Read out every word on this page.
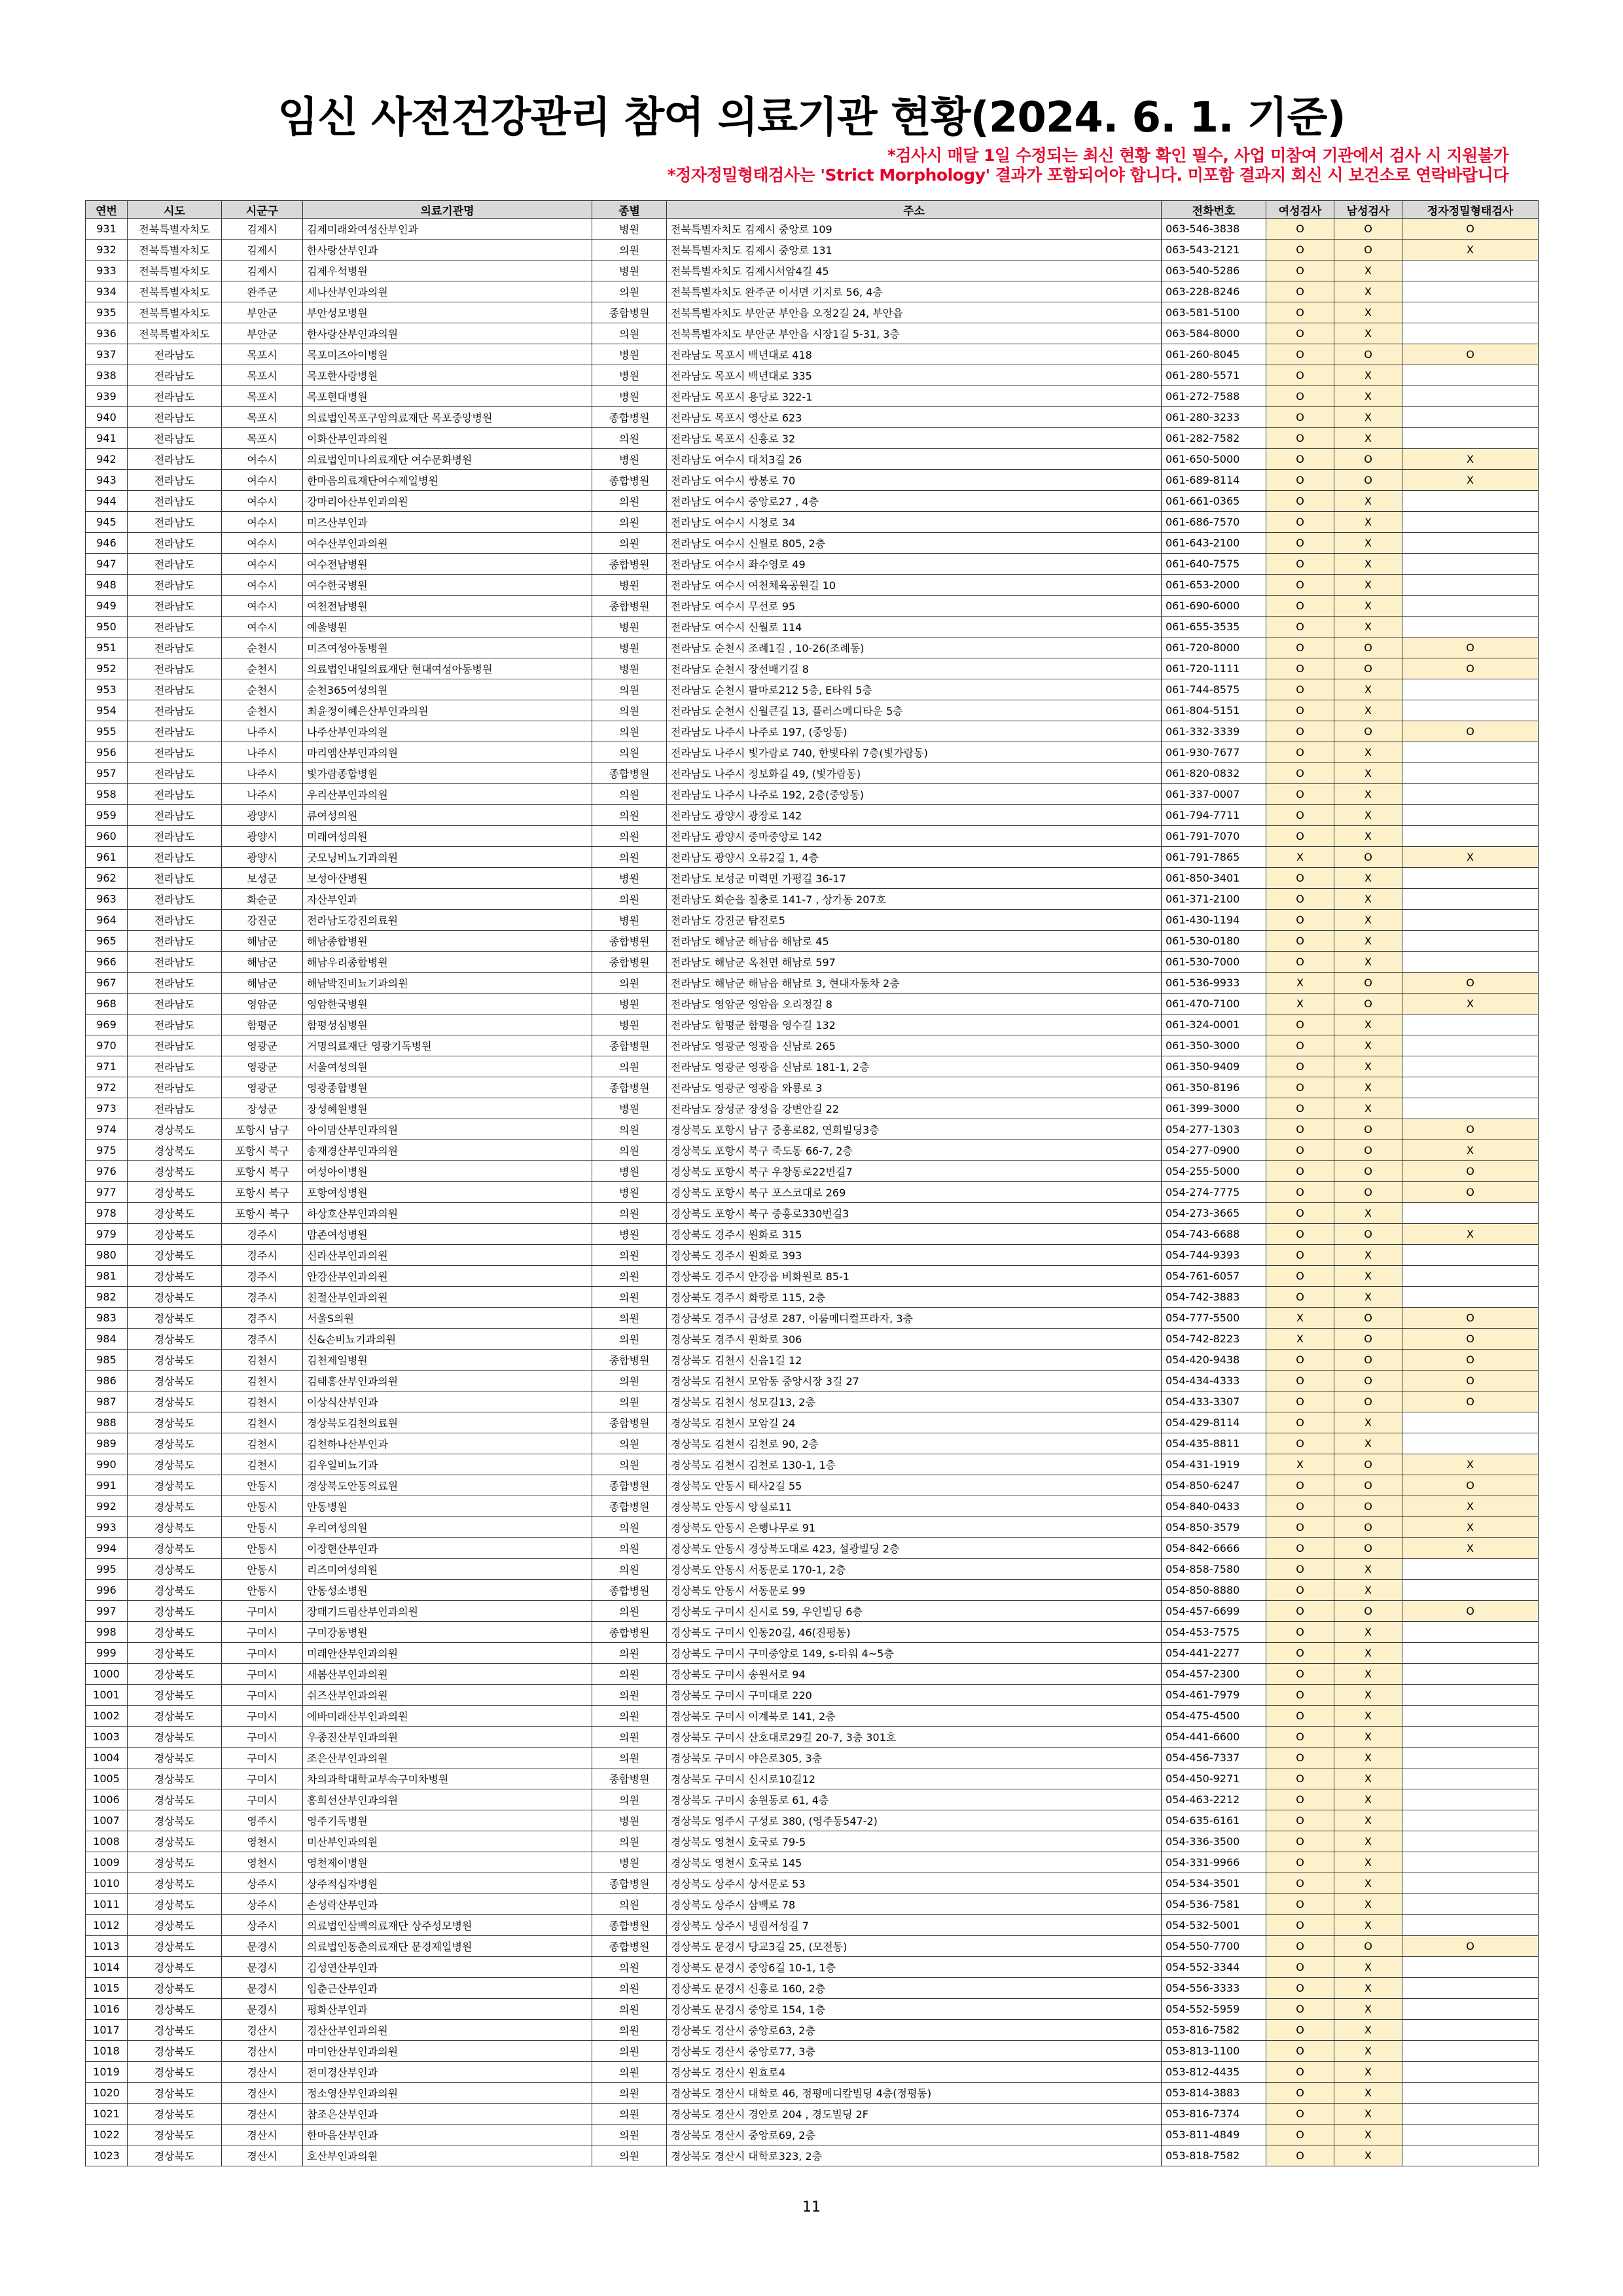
임신 사전건강관리 참여 의료기관 현황(2024. 6. 1. 기준)
*검사시 매달 1일 수정되는 최신 현황 확인 필수, 사업 미참여 기관에서 검사 시 지원불가
*정자정밀형태검사는 'Strict Morphology' 결과가 포함되어야 합니다. 미포함 결과지 회신 시 보건소로 연락바랍니다
연번	시도	시군구	의료기관명	종별	주소	전화번호	여성검사	남성검사	정자정밀형태검사
931	전북특별자치도	김제시	김제미래와여성산부인과	병원	전북특별자치도 김제시 중앙로 109	063-546-3838	O	O	O
932	전북특별자치도	김제시	한사랑산부인과	의원	전북특별자치도 김제시 중앙로 131	063-543-2121	O	O	X
933	전북특별자치도	김제시	김제우석병원	병원	전북특별자치도 김제시서암4길 45	063-540-5286	O	X	
934	전북특별자치도	완주군	세나산부인과의원	의원	전북특별자치도 완주군 이서면 기지로 56, 4층	063-228-8246	O	X	
935	전북특별자치도	부안군	부안성모병원	종합병원	전북특별자치도 부안군 부안읍 오정2길 24, 부안읍	063-581-5100	O	X	
936	전북특별자치도	부안군	한사랑산부인과의원	의원	전북특별자치도 부안군 부안읍 시장1길 5-31, 3층	063-584-8000	O	X	
937	전라남도	목포시	목포미즈아이병원	병원	전라남도 목포시 백년대로 418	061-260-8045	O	O	O
938	전라남도	목포시	목포한사랑병원	병원	전라남도 목포시 백년대로 335	061-280-5571	O	X	
939	전라남도	목포시	목포현대병원	병원	전라남도 목포시 용당로 322-1	061-272-7588	O	X	
940	전라남도	목포시	의료법인목포구암의료재단 목포중앙병원	종합병원	전라남도 목포시 영산로 623	061-280-3233	O	X	
941	전라남도	목포시	이화산부인과의원	의원	전라남도 목포시 신흥로 32	061-282-7582	O	X	
942	전라남도	여수시	의료법인미나의료재단 여수문화병원	병원	전라남도 여수시 대치3길 26	061-650-5000	O	O	X
943	전라남도	여수시	한마음의료재단여수제일병원	종합병원	전라남도 여수시 쌍봉로 70	061-689-8114	O	O	X
944	전라남도	여수시	강마리아산부인과의원	의원	전라남도 여수시 중앙로27 , 4층	061-661-0365	O	X	
945	전라남도	여수시	미즈산부인과	의원	전라남도 여수시 시청로 34	061-686-7570	O	X	
946	전라남도	여수시	여수산부인과의원	의원	전라남도 여수시 신월로 805, 2층	061-643-2100	O	X	
947	전라남도	여수시	여수전남병원	종합병원	전라남도 여수시 좌수영로 49	061-640-7575	O	X	
948	전라남도	여수시	여수한국병원	병원	전라남도 여수시 여천체육공원길 10	061-653-2000	O	X	
949	전라남도	여수시	여천전남병원	종합병원	전라남도 여수시 무선로 95	061-690-6000	O	X	
950	전라남도	여수시	예울병원	병원	전라남도 여수시 신월로 114	061-655-3535	O	X	
951	전라남도	순천시	미즈여성아동병원	병원	전라남도 순천시 조례1길 , 10-26(조례동)	061-720-8000	O	O	O
952	전라남도	순천시	의료법인내일의료재단 현대여성아동병원	병원	전라남도 순천시 장선배기길 8	061-720-1111	O	O	O
953	전라남도	순천시	순천365여성의원	의원	전라남도 순천시 팔마로212 5층, E타워 5층	061-744-8575	O	X	
954	전라남도	순천시	최윤정이혜은산부인과의원	의원	전라남도 순천시 신월큰길 13, 플러스메디타운 5층	061-804-5151	O	X	
955	전라남도	나주시	나주산부인과의원	의원	전라남도 나주시 나주로 197, (중앙동)	061-332-3339	O	O	O
956	전라남도	나주시	마리엠산부인과의원	의원	전라남도 나주시 빛가람로 740, 한빛타워 7층(빛가람동)	061-930-7677	O	X	
957	전라남도	나주시	빛가람종합병원	종합병원	전라남도 나주시 정보화길 49, (빛가람동)	061-820-0832	O	X	
958	전라남도	나주시	우리산부인과의원	의원	전라남도 나주시 나주로 192, 2층(중앙동)	061-337-0007	O	X	
959	전라남도	광양시	류여성의원	의원	전라남도 광양시 광장로 142	061-794-7711	O	X	
960	전라남도	광양시	미래여성의원	의원	전라남도 광양시 중마중앙로 142	061-791-7070	O	X	
961	전라남도	광양시	굿모닝비뇨기과의원	의원	전라남도 광양시 오류2길 1, 4층	061-791-7865	X	O	X
962	전라남도	보성군	보성아산병원	병원	전라남도 보성군 미력면 가평길 36-17	061-850-3401	O	X	
963	전라남도	화순군	자산부인과	의원	전라남도 화순읍 칠충로 141-7 , 상가동 207호	061-371-2100	O	X	
964	전라남도	강진군	전라남도강진의료원	병원	전라남도 강진군 탐진로5	061-430-1194	O	X	
965	전라남도	해남군	해남종합병원	종합병원	전라남도 해남군 해남읍 해남로 45	061-530-0180	O	X	
966	전라남도	해남군	해남우리종합병원	종합병원	전라남도 해남군 옥천면 해남로 597	061-530-7000	O	X	
967	전라남도	해남군	해남박진비뇨기과의원	의원	전라남도 해남군 해남읍 해남로 3, 현대자동차 2층	061-536-9933	X	O	O
968	전라남도	영암군	영암한국병원	병원	전라남도 영암군 영암읍 오리정길 8	061-470-7100	X	O	X
969	전라남도	함평군	함평성심병원	병원	전라남도 함평군 함평읍 영수길 132	061-324-0001	O	X	
970	전라남도	영광군	거명의료재단 영광기독병원	종합병원	전라남도 영광군 영광읍 신남로 265	061-350-3000	O	X	
971	전라남도	영광군	서울여성의원	의원	전라남도 영광군 영광읍 신남로 181-1, 2층	061-350-9409	O	X	
972	전라남도	영광군	영광종합병원	종합병원	전라남도 영광군 영광읍 와룡로 3	061-350-8196	O	X	
973	전라남도	장성군	장성혜원병원	병원	전라남도 장성군 장성읍 강변안길 22	061-399-3000	O	X	
974	경상북도	포항시 남구	아이맘산부인과의원	의원	경상북도 포항시 남구 중흥로82, 연희빌딩3층	054-277-1303	O	O	O
975	경상북도	포항시 북구	송재경산부인과의원	의원	경상북도 포항시 북구 죽도동 66-7, 2층	054-277-0900	O	O	X
976	경상북도	포항시 북구	여성아이병원	병원	경상북도 포항시 북구 우창동로22번길7	054-255-5000	O	O	O
977	경상북도	포항시 북구	포항여성병원	병원	경상북도 포항시 북구 포스코대로 269	054-274-7775	O	O	O
978	경상북도	포항시 북구	하상호산부인과의원	의원	경상북도 포항시 북구 중흥로330번길3	054-273-3665	O	X	
979	경상북도	경주시	맘존여성병원	병원	경상북도 경주시 원화로 315	054-743-6688	O	O	X
980	경상북도	경주시	신라산부인과의원	의원	경상북도 경주시 원화로 393	054-744-9393	O	X	
981	경상북도	경주시	안강산부인과의원	의원	경상북도 경주시 안강읍 비화원로 85-1	054-761-6057	O	X	
982	경상북도	경주시	친절산부인과의원	의원	경상북도 경주시 화랑로 115, 2층	054-742-3883	O	X	
983	경상북도	경주시	서울S의원	의원	경상북도 경주시 금성로 287, 이룸메디컬프라자, 3층	054-777-5500	X	O	O
984	경상북도	경주시	신&손비뇨기과의원	의원	경상북도 경주시 원화로 306	054-742-8223	X	O	O
985	경상북도	김천시	김천제일병원	종합병원	경상북도 김천시 신음1길 12	054-420-9438	O	O	O
986	경상북도	김천시	김태홍산부인과의원	의원	경상북도 김천시 모암동 중앙시장 3길 27	054-434-4333	O	O	O
987	경상북도	김천시	이상식산부인과	의원	경상북도 김천시 성모길13, 2층	054-433-3307	O	O	O
988	경상북도	김천시	경상북도김천의료원	종합병원	경상북도 김천시 모암길 24	054-429-8114	O	X	
989	경상북도	김천시	김천하나산부인과	의원	경상북도 김천시 김천로 90, 2층	054-435-8811	O	X	
990	경상북도	김천시	김우일비뇨기과	의원	경상북도 김천시 김천로 130-1, 1층	054-431-1919	X	O	X
991	경상북도	안동시	경상북도안동의료원	종합병원	경상북도 안동시 태사2길 55	054-850-6247	O	O	O
992	경상북도	안동시	안동병원	종합병원	경상북도 안동시 앙실로11	054-840-0433	O	O	X
993	경상북도	안동시	우리여성의원	의원	경상북도 안동시 은행나무로 91	054-850-3579	O	O	X
994	경상북도	안동시	이장현산부인과	의원	경상북도 안동시 경상북도대로 423, 설광빌딩 2층	054-842-6666	O	O	X
995	경상북도	안동시	리즈미여성의원	의원	경상북도 안동시 서동문로 170-1, 2층	054-858-7580	O	X	
996	경상북도	안동시	안동성소병원	종합병원	경상북도 안동시 서동문로 99	054-850-8880	O	X	
997	경상북도	구미시	장태기드림산부인과의원	의원	경상북도 구미시 신시로 59, 우인빌딩 6층	054-457-6699	O	O	O
998	경상북도	구미시	구미강동병원	종합병원	경상북도 구미시 인동20길, 46(진평동)	054-453-7575	O	X	
999	경상북도	구미시	미래안산부인과의원	의원	경상북도 구미시 구미중앙로 149, s-타워 4~5층	054-441-2277	O	X	
1000	경상북도	구미시	새봄산부인과의원	의원	경상북도 구미시 송원서로 94	054-457-2300	O	X	
1001	경상북도	구미시	쉬즈산부인과의원	의원	경상북도 구미시 구미대로 220	054-461-7979	O	X	
1002	경상북도	구미시	에바미래산부인과의원	의원	경상북도 구미시 이계북로 141, 2층	054-475-4500	O	X	
1003	경상북도	구미시	우종진산부인과의원	의원	경상북도 구미시 산호대로29길 20-7, 3층 301호	054-441-6600	O	X	
1004	경상북도	구미시	조은산부인과의원	의원	경상북도 구미시 야은로305, 3층	054-456-7337	O	X	
1005	경상북도	구미시	차의과학대학교부속구미차병원	종합병원	경상북도 구미시 신시로10길12	054-450-9271	O	X	
1006	경상북도	구미시	홍희선산부인과의원	의원	경상북도 구미시 송원동로 61, 4층	054-463-2212	O	X	
1007	경상북도	영주시	영주기독병원	병원	경상북도 영주시 구성로 380, (영주동547-2)	054-635-6161	O	X	
1008	경상북도	영천시	미산부인과의원	의원	경상북도 영천시 호국로 79-5	054-336-3500	O	X	
1009	경상북도	영천시	영천제이병원	병원	경상북도 영천시 호국로 145	054-331-9966	O	X	
1010	경상북도	상주시	상주적십자병원	종합병원	경상북도 상주시 상서문로 53	054-534-3501	O	X	
1011	경상북도	상주시	손성락산부인과	의원	경상북도 상주시 삼백로 78	054-536-7581	O	X	
1012	경상북도	상주시	의료법인삼백의료재단 상주성모병원	종합병원	경상북도 상주시 냉림서성길 7	054-532-5001	O	X	
1013	경상북도	문경시	의료법인동춘의료재단 문경제일병원	종합병원	경상북도 문경시 당교3길 25, (모전동)	054-550-7700	O	O	O
1014	경상북도	문경시	김성연산부인과	의원	경상북도 문경시 중앙6길 10-1, 1층	054-552-3344	O	X	
1015	경상북도	문경시	임춘근산부인과	의원	경상북도 문경시 신흥로 160, 2층	054-556-3333	O	X	
1016	경상북도	문경시	평화산부인과	의원	경상북도 문경시 중앙로 154, 1층	054-552-5959	O	X	
1017	경상북도	경산시	경산산부인과의원	의원	경상북도 경산시 중앙로63, 2층	053-816-7582	O	X	
1018	경상북도	경산시	마미안산부인과의원	의원	경상북도 경산시 중앙로77, 3층	053-813-1100	O	X	
1019	경상북도	경산시	전미경산부인과	의원	경상북도 경산시 원효로4	053-812-4435	O	X	
1020	경상북도	경산시	정소영산부인과의원	의원	경상북도 경산시 대학로 46, 정평메디칼빌딩 4층(정평동)	053-814-3883	O	X	
1021	경상북도	경산시	참조은산부인과	의원	경상북도 경산시 경안로 204 , 경도빌딩 2F	053-816-7374	O	X	
1022	경상북도	경산시	한마음산부인과	의원	경상북도 경산시 중앙로69, 2층	053-811-4849	O	X	
1023	경상북도	경산시	호산부인과의원	의원	경상북도 경산시 대학로323, 2층	053-818-7582	O	X	
11
